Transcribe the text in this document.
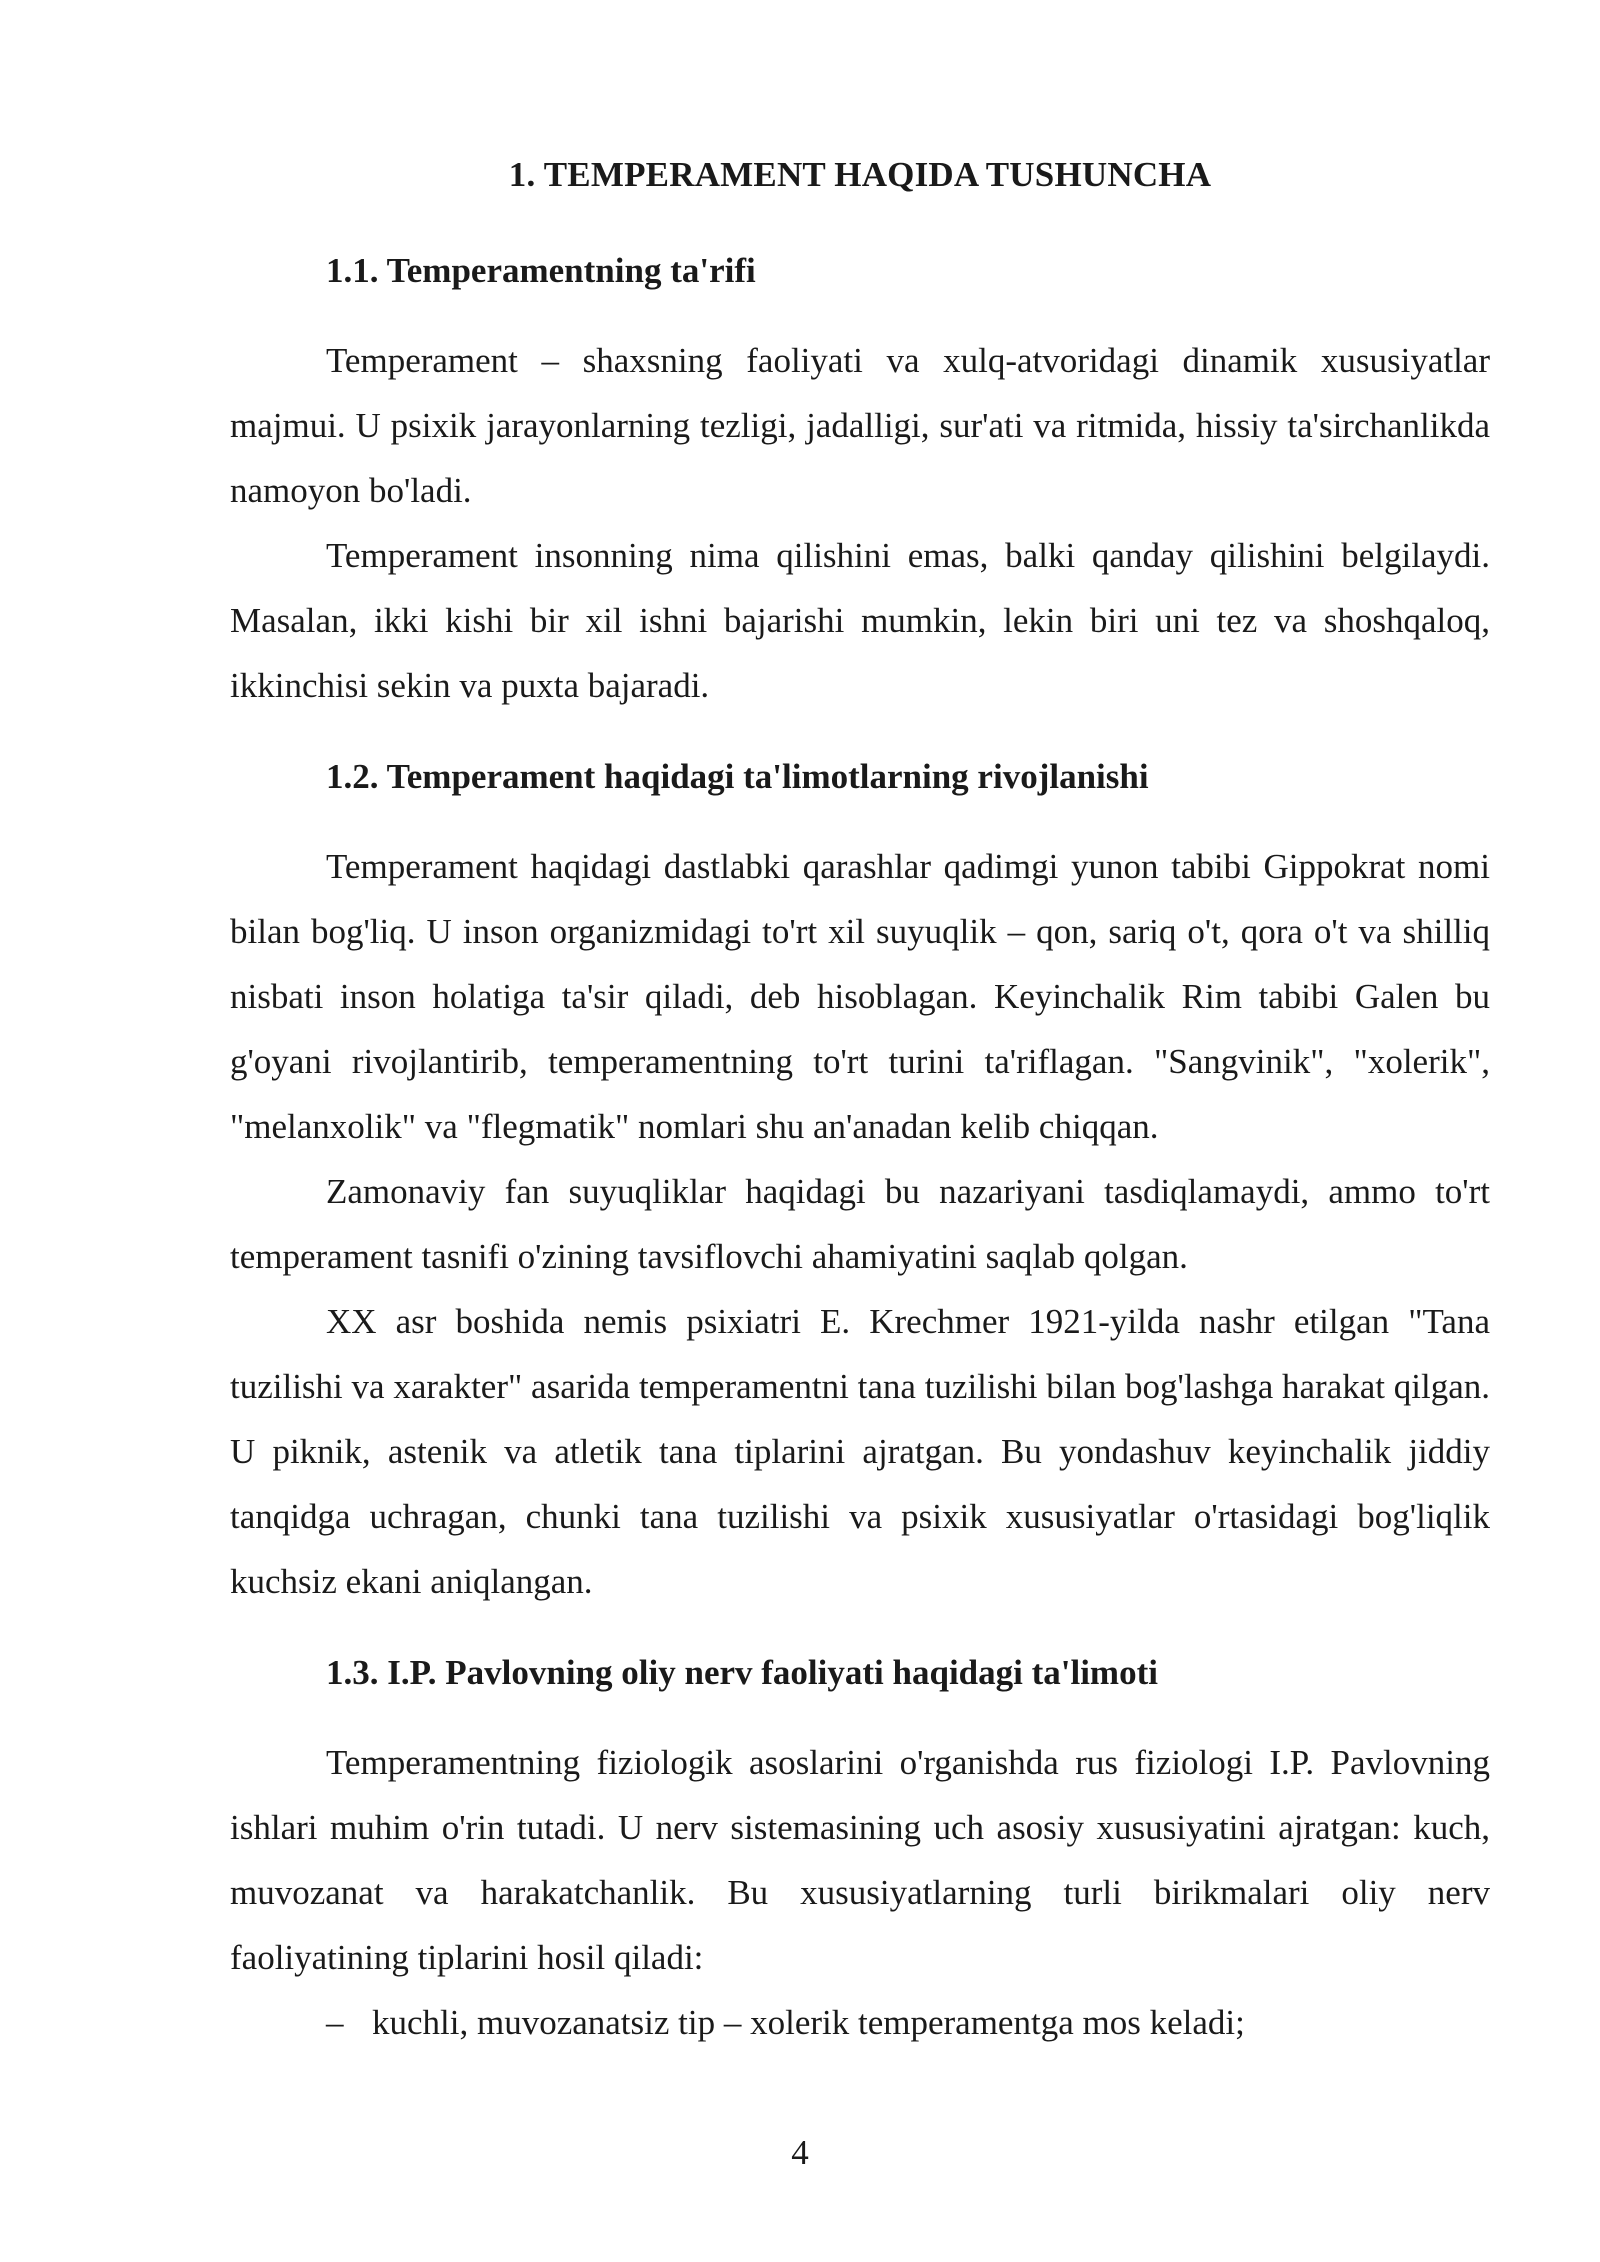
1. TEMPERAMENT HAQIDA TUSHUNCHA
1.1. Temperamentning ta'rifi

Temperament – shaxsning faoliyati va xulq-atvoridagi dinamik xususiyatlar majmui. U psixik jarayonlarning tezligi, jadalligi, sur'ati va ritmida, hissiy ta'sirchanlikda namoyon bo'ladi.

Temperament insonning nima qilishini emas, balki qanday qilishini belgilaydi. Masalan, ikki kishi bir xil ishni bajarishi mumkin, lekin biri uni tez va shoshqaloq, ikkinchisi sekin va puxta bajaradi.

1.2. Temperament haqidagi ta'limotlarning rivojlanishi

Temperament haqidagi dastlabki qarashlar qadimgi yunon tabibi Gippokrat nomi bilan bog'liq. U inson organizmidagi to'rt xil suyuqlik – qon, sariq o't, qora o't va shilliq nisbati inson holatiga ta'sir qiladi, deb hisoblagan. Keyinchalik Rim tabibi Galen bu g'oyani rivojlantirib, temperamentning to'rt turini ta'riflagan. "Sangvinik", "xolerik", "melanxolik" va "flegmatik" nomlari shu an'anadan kelib chiqqan.

Zamonaviy fan suyuqliklar haqidagi bu nazariyani tasdiqlamaydi, ammo to'rt temperament tasnifi o'zining tavsiflovchi ahamiyatini saqlab qolgan.

XX asr boshida nemis psixiatri E. Krechmer 1921-yilda nashr etilgan "Tana tuzilishi va xarakter" asarida temperamentni tana tuzilishi bilan bog'lashga harakat qilgan. U piknik, astenik va atletik tana tiplarini ajratgan. Bu yondashuv keyinchalik jiddiy tanqidga uchragan, chunki tana tuzilishi va psixik xususiyatlar o'rtasidagi bog'liqlik kuchsiz ekani aniqlangan.

1.3. I.P. Pavlovning oliy nerv faoliyati haqidagi ta'limoti

Temperamentning fiziologik asoslarini o'rganishda rus fiziologi I.P. Pavlovning ishlari muhim o'rin tutadi. U nerv sistemasining uch asosiy xususiyatini ajratgan: kuch, muvozanat va harakatchanlik. Bu xususiyatlarning turli birikmalari oliy nerv faoliyatining tiplarini hosil qiladi:

– kuchli, muvozanatsiz tip – xolerik temperamentga mos keladi;
4
